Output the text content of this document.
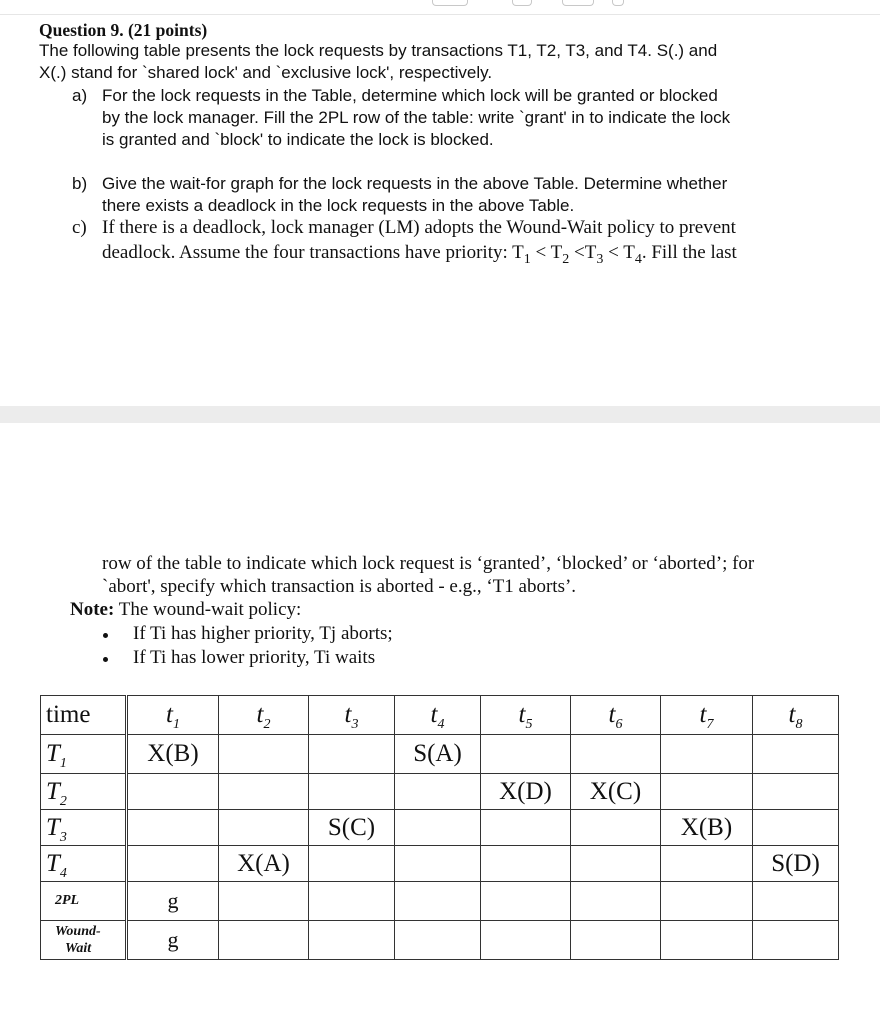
Question 9. (21 points)
The following table presents the lock requests by transactions T1, T2, T3, and T4. S(.) and
X(.) stand for `shared lock' and `exclusive lock', respectively.
a) For the lock requests in the Table, determine which lock will be granted or blocked
by the lock manager. Fill the 2PL row of the table: write `grant' in to indicate the lock
is granted and `block' to indicate the lock is blocked.
b) Give the wait-for graph for the lock requests in the above Table. Determine whether
there exists a deadlock in the lock requests in the above Table.
c) If there is a deadlock, lock manager (LM) adopts the Wound-Wait policy to prevent
deadlock. Assume the four transactions have priority: $T_1 < T_2 <T_3 < T_4$. Fill the last
row of the table to indicate which lock request is ‘granted’, ‘blocked’ or ‘aborted’; for
`abort', specify which transaction is aborted - e.g., ‘T1 aborts’.
Note: The wound-wait policy:
If Ti has higher priority, Tj aborts;
If Ti has lower priority, Ti waits
time	$t_1$	$t_2$	$t_3$	$t_4$	$t_5$	$t_6$	$t_7$	$t_8$
$T_1$	X(B)			S(A)				
$T_2$					X(D)	X(C)		
$T_3$			S(C)				X(B)	
$T_4$		X(A)						S(D)
2PL	g							
Wound-
Wait	g							
